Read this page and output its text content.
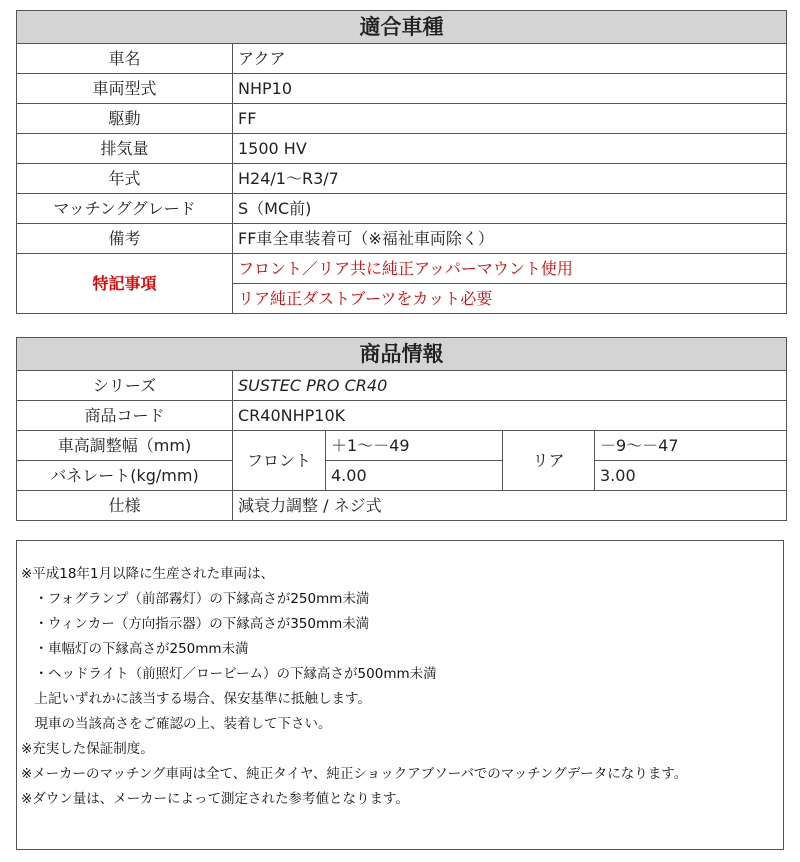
適合車種	
車名	アクア
車両型式	NHP10
駆動	FF
排気量	1500 HV
年式	H24/1～R3/7
マッチンググレード	S（MC前)
備考	FF車全車装着可（※福祉車両除く）
特記事項	フロント／リア共に純正アッパーマウント使用
	リア純正ダストブーツをカット必要
商品情報				
シリーズ	SUSTEC PRO CR40			
商品コード	CR40NHP10K			
車高調整幅（mm)	フロント	＋1～－49	リア	－9～－47
バネレート(kg/mm)		4.00		3.00
仕様	減衰力調整 / ネジ式			
※平成18年1月以降に生産された車両は、
　・フォグランプ（前部霧灯）の下縁高さが250mm未満
　・ウィンカー（方向指示器）の下縁高さが350mm未満
　・車幅灯の下縁高さが250mm未満
　・ヘッドライト（前照灯／ロービーム）の下縁高さが500mm未満
　上記いずれかに該当する場合、保安基準に抵触します。
　現車の当該高さをご確認の上、装着して下さい。
※充実した保証制度。
※メーカーのマッチング車両は全て、純正タイヤ、純正ショックアブソーバでのマッチングデータになります。
※ダウン量は、メーカーによって測定された参考値となります。
